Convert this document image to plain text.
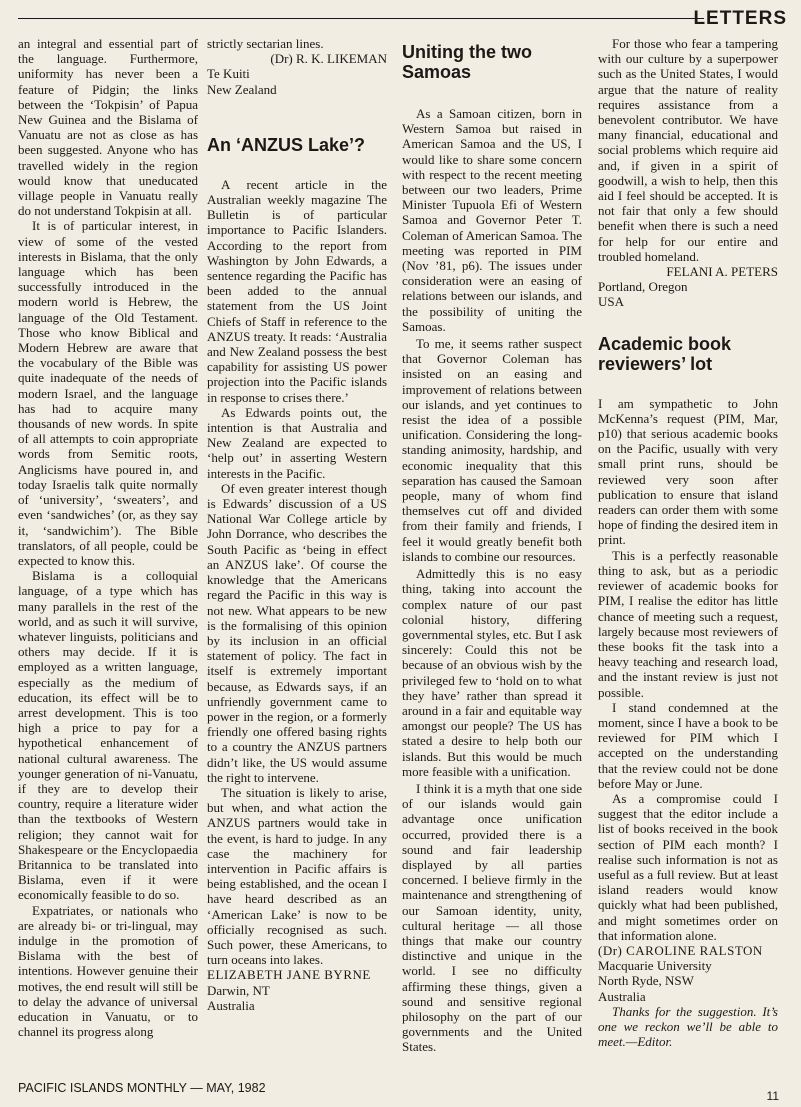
LETTERS

an integral and essential part of the language. Furthermore, uniformity has never been a feature of Pidgin; the links between the ‘Tokpisin’ of Papua New Guinea and the Bislama of Vanuatu are not as close as has been suggested. Anyone who has travelled widely in the region would know that uneducated village people in Vanuatu really do not understand Tokpisin at all.

It is of particular interest, in view of some of the vested interests in Bislama, that the only language which has been successfully introduced in the modern world is Hebrew, the language of the Old Testament. Those who know Biblical and Modern Hebrew are aware that the vocabulary of the Bible was quite inadequate of the needs of modern Israel, and the language has had to acquire many thousands of new words. In spite of all attempts to coin appropriate words from Semitic roots, Anglicisms have poured in, and today Israelis talk quite normally of ‘university’, ‘sweaters’, and even ‘sandwiches’ (or, as they say it, ‘sandwichim’). The Bible translators, of all people, could be expected to know this.

Bislama is a colloquial language, of a type which has many parallels in the rest of the world, and as such it will survive, whatever linguists, politicians and others may decide. If it is employed as a written language, especially as the medium of education, its effect will be to arrest development. This is too high a price to pay for a hypothetical enhancement of national cultural awareness. The younger generation of ni-Vanuatu, if they are to develop their country, require a literature wider than the textbooks of Western religion; they cannot wait for Shakespeare or the Encyclopaedia Britannica to be translated into Bislama, even if it were economically feasible to do so.

Expatriates, or nationals who are already bi- or tri-lingual, may indulge in the promotion of Bislama with the best of intentions. However genuine their motives, the end result will still be to delay the advance of universal education in Vanuatu, or to channel its progress along

strictly sectarian lines.

(Dr) R. K. LIKEMAN

Te Kuiti

New Zealand

An ‘ANZUS Lake’?

A recent article in the Australian weekly magazine The Bulletin is of particular importance to Pacific Islanders. According to the report from Washington by John Edwards, a sentence regarding the Pacific has been added to the annual statement from the US Joint Chiefs of Staff in reference to the ANZUS treaty. It reads: ‘Australia and New Zealand possess the best capability for assisting US power projection into the Pacific islands in response to crises there.’

As Edwards points out, the intention is that Australia and New Zealand are expected to ‘help out’ in asserting Western interests in the Pacific.

Of even greater interest though is Edwards’ discussion of a US National War College article by John Dorrance, who describes the South Pacific as ‘being in effect an ANZUS lake’. Of course the knowledge that the Americans regard the Pacific in this way is not new. What appears to be new is the formalising of this opinion by its inclusion in an official statement of policy. The fact in itself is extremely important because, as Edwards says, if an unfriendly government came to power in the region, or a formerly friendly one offered basing rights to a country the ANZUS partners didn’t like, the US would assume the right to intervene.

The situation is likely to arise, but when, and what action the ANZUS partners would take in the event, is hard to judge. In any case the machinery for intervention in Pacific affairs is being established, and the ocean I have heard described as an ‘American Lake’ is now to be officially recognised as such. Such power, these Americans, to turn oceans into lakes.

ELIZABETH JANE BYRNE

Darwin, NT

Australia

Uniting the two Samoas

As a Samoan citizen, born in Western Samoa but raised in American Samoa and the US, I would like to share some concern with respect to the recent meeting between our two leaders, Prime Minister Tupuola Efi of Western Samoa and Governor Peter T. Coleman of American Samoa. The meeting was reported in PIM (Nov ’81, p6). The issues under consideration were an easing of relations between our islands, and the possibility of uniting the Samoas.

To me, it seems rather suspect that Governor Coleman has insisted on an easing and improvement of relations between our islands, and yet continues to resist the idea of a possible unification. Considering the long-standing animosity, hardship, and economic inequality that this separation has caused the Samoan people, many of whom find themselves cut off and divided from their family and friends, I feel it would greatly benefit both islands to combine our resources.

Admittedly this is no easy thing, taking into account the complex nature of our past colonial history, differing governmental styles, etc. But I ask sincerely: Could this not be because of an obvious wish by the privileged few to ‘hold on to what they have’ rather than spread it around in a fair and equitable way amongst our people? The US has stated a desire to help both our islands. But this would be much more feasible with a unification.

I think it is a myth that one side of our islands would gain advantage once unification occurred, provided there is a sound and fair leadership displayed by all parties concerned. I believe firmly in the maintenance and strengthening of our Samoan identity, unity, cultural heritage — all those things that make our country distinctive and unique in the world. I see no difficulty affirming these things, given a sound and sensitive regional philosophy on the part of our governments and the United States.

For those who fear a tampering with our culture by a superpower such as the United States, I would argue that the nature of reality requires assistance from a benevolent contributor. We have many financial, educational and social problems which require aid and, if given in a spirit of goodwill, a wish to help, then this aid I feel should be accepted. It is not fair that only a few should benefit when there is such a need for help for our entire and troubled homeland.

FELANI A. PETERS

Portland, Oregon

USA

Academic book reviewers’ lot

I am sympathetic to John McKenna’s request (PIM, Mar, p10) that serious academic books on the Pacific, usually with very small print runs, should be reviewed very soon after publication to ensure that island readers can order them with some hope of finding the desired item in print.

This is a perfectly reasonable thing to ask, but as a periodic reviewer of academic books for PIM, I realise the editor has little chance of meeting such a request, largely because most reviewers of these books fit the task into a heavy teaching and research load, and the instant review is just not possible.

I stand condemned at the moment, since I have a book to be reviewed for PIM which I accepted on the understanding that the review could not be done before May or June.

As a compromise could I suggest that the editor include a list of books received in the book section of PIM each month? I realise such information is not as useful as a full review. But at least island readers would know quickly what had been published, and might sometimes order on that information alone.

(Dr) CAROLINE RALSTON

Macquarie University

North Ryde, NSW

Australia

Thanks for the suggestion. It’s one we reckon we’ll be able to meet.—Editor.

PACIFIC ISLANDS MONTHLY — MAY, 1982
11
